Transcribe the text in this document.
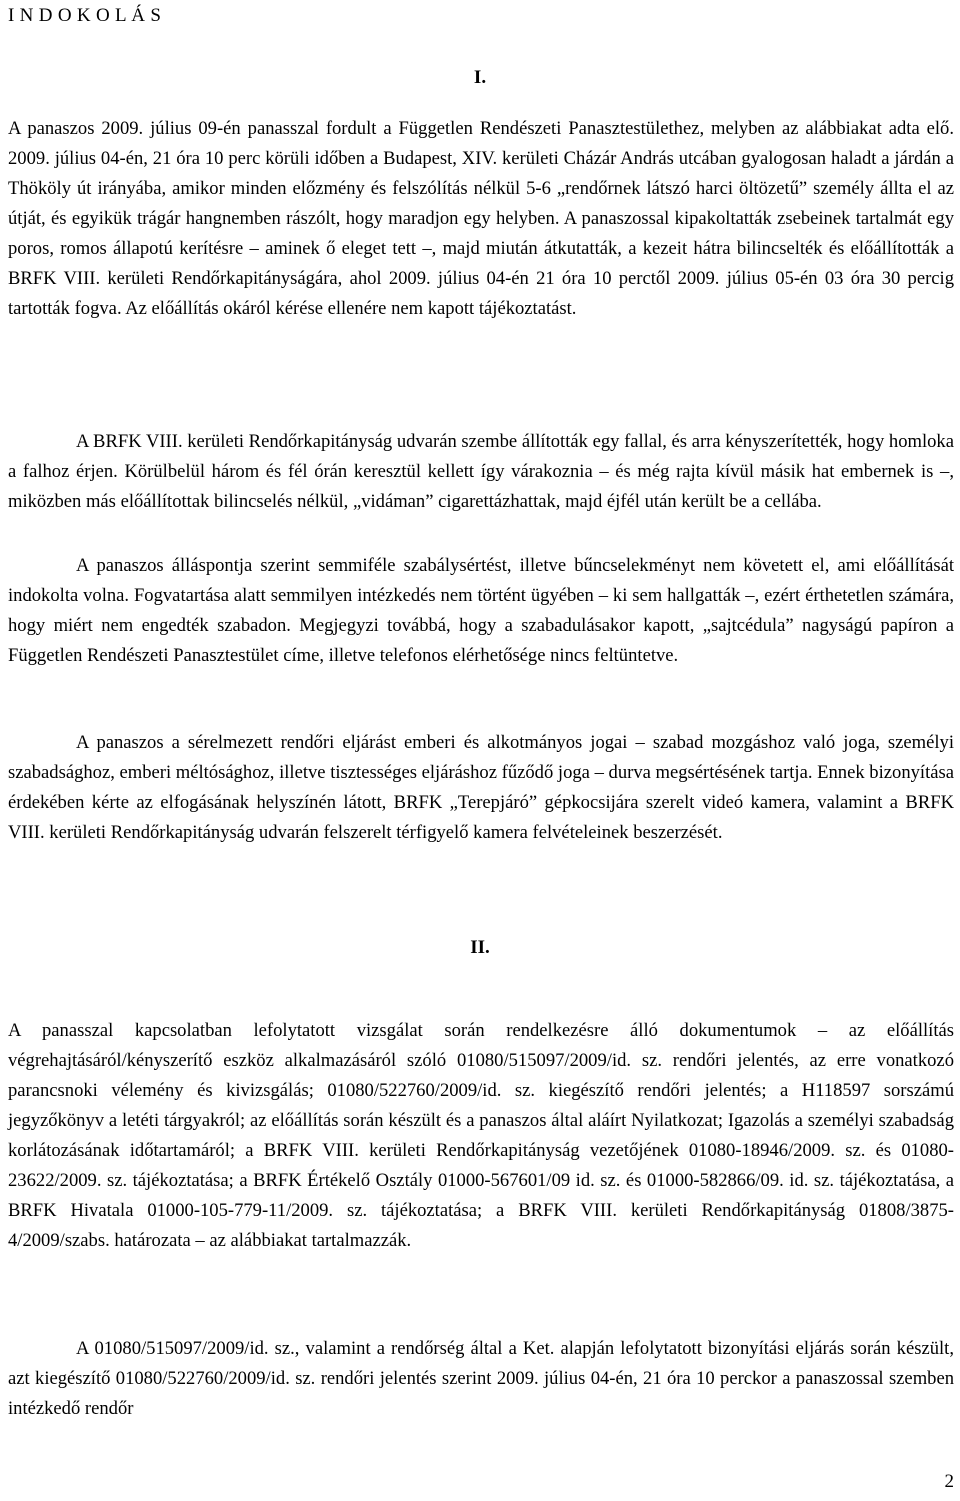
I N D O K O L Á S
I.

A panaszos 2009. július 09-én panasszal fordult a Független Rendészeti Panasztestülethez, melyben az alábbiakat adta elő. 2009. július 04-én, 21 óra 10 perc körüli időben a Budapest, XIV. kerületi Cházár András utcában gyalogosan haladt a járdán a Thököly út irányába, amikor minden előzmény és felszólítás nélkül 5-6 „rendőrnek látszó harci öltözetű” személy állta el az útját, és egyikük trágár hangnemben rászólt, hogy maradjon egy helyben. A panaszossal kipakoltatták zsebeinek tartalmát egy poros, romos állapotú kerítésre – aminek ő eleget tett –, majd miután átkutatták, a kezeit hátra bilincselték és előállították a BRFK VIII. kerületi Rendőrkapitányságára, ahol 2009. július 04-én 21 óra 10 perctől 2009. július 05-én 03 óra 30 percig tartották fogva. Az előállítás okáról kérése ellenére nem kapott tájékoztatást.

A BRFK VIII. kerületi Rendőrkapitányság udvarán szembe állították egy fallal, és arra kényszerítették, hogy homloka a falhoz érjen. Körülbelül három és fél órán keresztül kellett így várakoznia – és még rajta kívül másik hat embernek is –, miközben más előállítottak bilincselés nélkül, „vidáman” cigarettázhattak, majd éjfél után került be a cellába.

A panaszos álláspontja szerint semmiféle szabálysértést, illetve bűncselekményt nem követett el, ami előállítását indokolta volna. Fogvatartása alatt semmilyen intézkedés nem történt ügyében – ki sem hallgatták –, ezért érthetetlen számára, hogy miért nem engedték szabadon. Megjegyzi továbbá, hogy a szabadulásakor kapott, „sajtcédula” nagyságú papíron a Független Rendészeti Panasztestület címe, illetve telefonos elérhetősége nincs feltüntetve.

A panaszos a sérelmezett rendőri eljárást emberi és alkotmányos jogai – szabad mozgáshoz való joga, személyi szabadsághoz, emberi méltósághoz, illetve tisztességes eljáráshoz fűződő joga – durva megsértésének tartja. Ennek bizonyítása érdekében kérte az elfogásának helyszínén látott, BRFK „Terepjáró” gépkocsijára szerelt videó kamera, valamint a BRFK VIII. kerületi Rendőrkapitányság udvarán felszerelt térfigyelő kamera felvételeinek beszerzését.

II.

A panasszal kapcsolatban lefolytatott vizsgálat során rendelkezésre álló dokumentumok – az előállítás végrehajtásáról/kényszerítő eszköz alkalmazásáról szóló 01080/515097/2009/id. sz. rendőri jelentés, az erre vonatkozó parancsnoki vélemény és kivizsgálás; 01080/522760/2009/id. sz. kiegészítő rendőri jelentés; a H118597 sorszámú jegyzőkönyv a letéti tárgyakról; az előállítás során készült és a panaszos által aláírt Nyilatkozat; Igazolás a személyi szabadság korlátozásának időtartamáról; a BRFK VIII. kerületi Rendőrkapitányság vezetőjének 01080-18946/2009. sz. és 01080-23622/2009. sz. tájékoztatása; a BRFK Értékelő Osztály 01000-567601/09 id. sz. és 01000-582866/09. id. sz. tájékoztatása, a BRFK Hivatala 01000-105-779-11/2009. sz. tájékoztatása; a BRFK VIII. kerületi Rendőrkapitányság 01808/3875-4/2009/szabs. határozata – az alábbiakat tartalmazzák.

A 01080/515097/2009/id. sz., valamint a rendőrség által a Ket. alapján lefolytatott bizonyítási eljárás során készült, azt kiegészítő 01080/522760/2009/id. sz. rendőri jelentés szerint 2009. július 04-én, 21 óra 10 perckor a panaszossal szemben intézkedő rendőr

2
